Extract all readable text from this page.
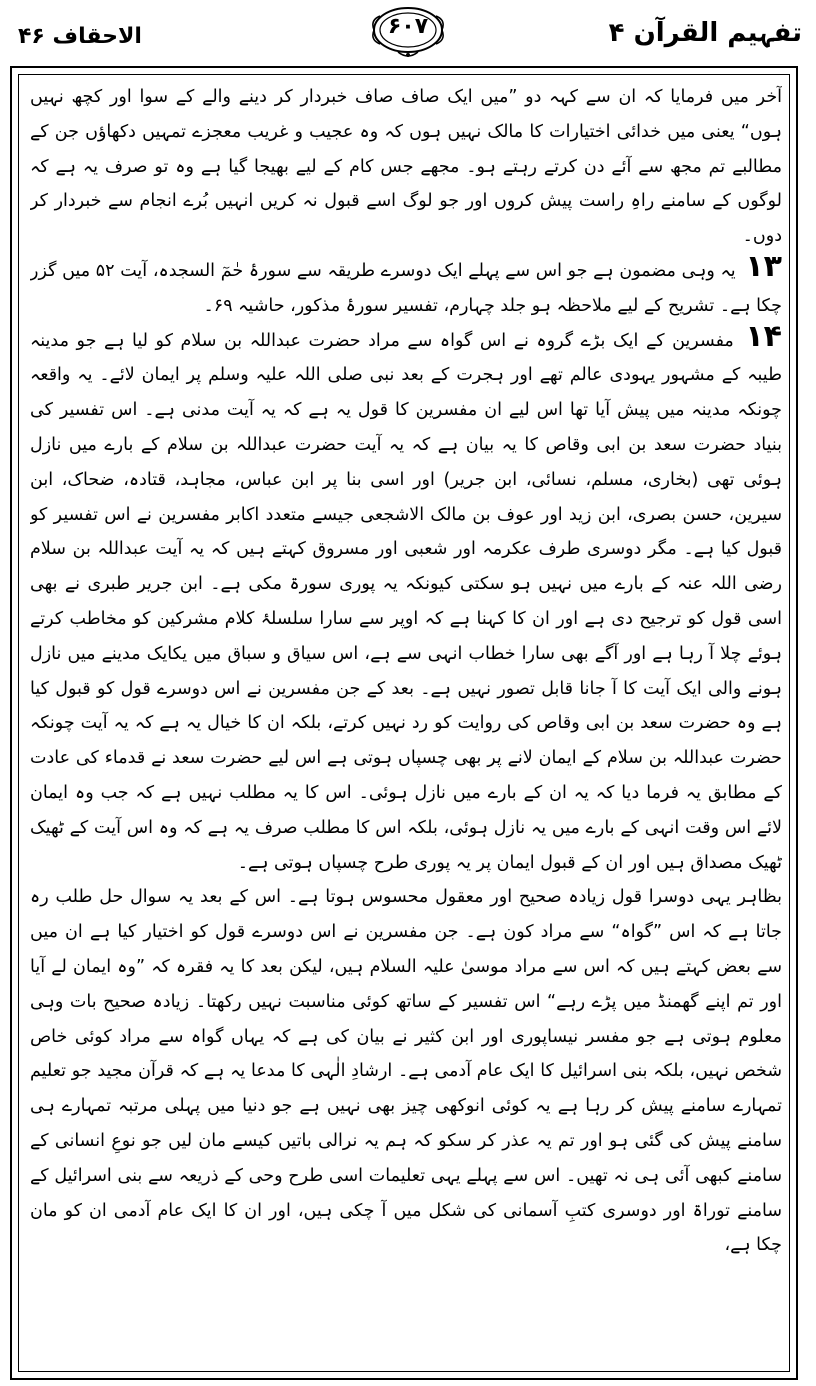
تفہیم القرآن ۴
۶۰۷
الاحقاف ۴۶

آخر میں فرمایا کہ ان سے کہہ دو ”میں ایک صاف صاف خبردار کر دینے والے کے سوا اور کچھ نہیں ہوں“ یعنی میں خدائی اختیارات کا مالک نہیں ہوں کہ وہ عجیب و غریب معجزے تمہیں دکھاؤں جن کے مطالبے تم مجھ سے آئے دن کرتے رہتے ہو۔ مجھے جس کام کے لیے بھیجا گیا ہے وہ تو صرف یہ ہے کہ لوگوں کے سامنے راہِ راست پیش کروں اور جو لوگ اسے قبول نہ کریں انہیں بُرے انجام سے خبردار کر دوں۔

۱۳ یہ وہی مضمون ہے جو اس سے پہلے ایک دوسرے طریقہ سے سورۂ حٰمٓ السجدہ، آیت ۵۲ میں گزر چکا ہے۔ تشریح کے لیے ملاحظہ ہو جلد چہارم، تفسیر سورۂ مذکور، حاشیہ ۶۹۔

۱۴ مفسرین کے ایک بڑے گروہ نے اس گواہ سے مراد حضرت عبداللہ بن سلام کو لیا ہے جو مدینہ طیبہ کے مشہور یہودی عالم تھے اور ہجرت کے بعد نبی صلی اللہ علیہ وسلم پر ایمان لائے۔ یہ واقعہ چونکہ مدینہ میں پیش آیا تھا اس لیے ان مفسرین کا قول یہ ہے کہ یہ آیت مدنی ہے۔ اس تفسیر کی بنیاد حضرت سعد بن ابی وقاص کا یہ بیان ہے کہ یہ آیت حضرت عبداللہ بن سلام کے بارے میں نازل ہوئی تھی (بخاری، مسلم، نسائی، ابن جریر) اور اسی بنا پر ابن عباس، مجاہد، قتادہ، ضحاک، ابن سیرین، حسن بصری، ابن زید اور عوف بن مالک الاشجعی جیسے متعدد اکابر مفسرین نے اس تفسیر کو قبول کیا ہے۔ مگر دوسری طرف عکرمہ اور شعبی اور مسروق کہتے ہیں کہ یہ آیت عبداللہ بن سلام رضی اللہ عنہ کے بارے میں نہیں ہو سکتی کیونکہ یہ پوری سورۃ مکی ہے۔ ابن جریر طبری نے بھی اسی قول کو ترجیح دی ہے اور ان کا کہنا ہے کہ اوپر سے سارا سلسلۂ کلام مشرکین کو مخاطب کرتے ہوئے چلا آ رہا ہے اور آگے بھی سارا خطاب انہی سے ہے، اس سیاق و سباق میں یکایک مدینے میں نازل ہونے والی ایک آیت کا آ جانا قابل تصور نہیں ہے۔ بعد کے جن مفسرین نے اس دوسرے قول کو قبول کیا ہے وہ حضرت سعد بن ابی وقاص کی روایت کو رد نہیں کرتے، بلکہ ان کا خیال یہ ہے کہ یہ آیت چونکہ حضرت عبداللہ بن سلام کے ایمان لانے پر بھی چسپاں ہوتی ہے اس لیے حضرت سعد نے قدماء کی عادت کے مطابق یہ فرما دیا کہ یہ ان کے بارے میں نازل ہوئی۔ اس کا یہ مطلب نہیں ہے کہ جب وہ ایمان لائے اس وقت انہی کے بارے میں یہ نازل ہوئی، بلکہ اس کا مطلب صرف یہ ہے کہ وہ اس آیت کے ٹھیک ٹھیک مصداق ہیں اور ان کے قبول ایمان پر یہ پوری طرح چسپاں ہوتی ہے۔

بظاہر یہی دوسرا قول زیادہ صحیح اور معقول محسوس ہوتا ہے۔ اس کے بعد یہ سوال حل طلب رہ جاتا ہے کہ اس ”گواہ“ سے مراد کون ہے۔ جن مفسرین نے اس دوسرے قول کو اختیار کیا ہے ان میں سے بعض کہتے ہیں کہ اس سے مراد موسیٰ علیہ السلام ہیں، لیکن بعد کا یہ فقرہ کہ ”وہ ایمان لے آیا اور تم اپنے گھمنڈ میں پڑے رہے“ اس تفسیر کے ساتھ کوئی مناسبت نہیں رکھتا۔ زیادہ صحیح بات وہی معلوم ہوتی ہے جو مفسر نیساپوری اور ابن کثیر نے بیان کی ہے کہ یہاں گواہ سے مراد کوئی خاص شخص نہیں، بلکہ بنی اسرائیل کا ایک عام آدمی ہے۔ ارشادِ الٰہی کا مدعا یہ ہے کہ قرآن مجید جو تعلیم تمہارے سامنے پیش کر رہا ہے یہ کوئی انوکھی چیز بھی نہیں ہے جو دنیا میں پہلی مرتبہ تمہارے ہی سامنے پیش کی گئی ہو اور تم یہ عذر کر سکو کہ ہم یہ نرالی باتیں کیسے مان لیں جو نوعِ انسانی کے سامنے کبھی آئی ہی نہ تھیں۔ اس سے پہلے یہی تعلیمات اسی طرح وحی کے ذریعہ سے بنی اسرائیل کے سامنے توراۃ اور دوسری کتبِ آسمانی کی شکل میں آ چکی ہیں، اور ان کا ایک عام آدمی ان کو مان چکا ہے،
